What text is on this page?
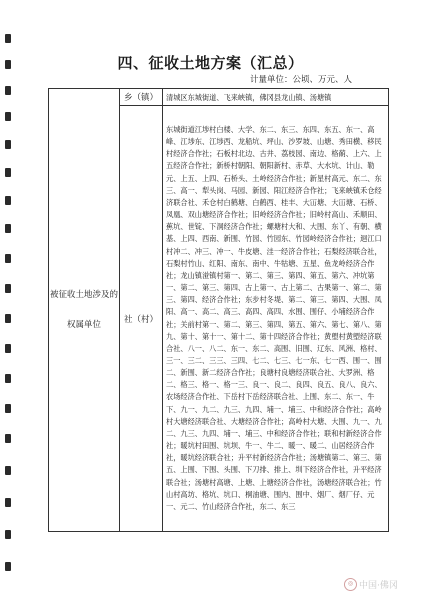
四、征收土地方案（汇总）
计量单位：公顷、万元、人
被征收土地涉及的权属单位	乡（镇）	清城区东城街道、飞来峡镇，佛冈县龙山镇、汤塘镇
	社（村）	东城街道江埗村白楼、大学、东二、东三、东四、东五、东一、高峰、江埗东、江埗西、龙船坑、坪山、沙罗坡、山塘、秀田横、移民村经济合作社；石板村北边、古井、荔枝园、南边、格蓢、上六、上五经济合作社；新桥村朝阳、朝阳新村、赤草、大水坑、计山、勒元、上五、上四、石桥头、土岭经济合作社；新星村高元、东二、东三、高一、犁头岗、马园、新园、阳江经济合作社；飞来峡镇禾仓经济联合社、禾仓村白鹤塘、白鹤西、桂丰、大冚塘、大冚塘、石桥、凤凰、双山塘经济合作社；旧岭经济合作社；旧岭村高山、禾顺田、蕉坑、世锭、下洞经济合作社；螺塘村大和、大围、东丫、有朝、横基、上四、西南、新围、竹园、竹园东、竹园岭经济合作社；迴江口村冲二、冲三、冲一、牛皮塘、洼一经济合作社；石梨经济联合社，石梨村竹山、红阳、南东、南中、牛牯塘、五星、鱼龙岭经济合作社；龙山镇湴镇村第一、第二、第三、第四、第五、第六、冲坑第一、第二、第三、第四、古上第一、古上第二、古果第一、第二、第三、第四、经济合作社；东步村冬堤、第二、第三、第四、大围、凤阳、高一、高二、高三、高四、高四、水围、围仔、小埔经济合作社；关前村第一、第二、第三、第四、第五、第六、第七、第八、第九、第十、第十一、第十二、第十四经济合作社；黄塱村黄塱经济联合社、八一、八二、东一、东二、高围、旧围、辽东、风洲、格村、三一、三二、三三、三四、七二、七三、七一东、七一西、围一、围二、新围、新二经济合作社；良塘村良塘经济联合社、大罗洲、格二、格三、格一、格一三、良一、良二、良四、良五、良八、良六、农场经济合作社、下岳村下岳经济联合社、上围、东二、东一、牛下、九一、九二、九三、九四、埔一、埔三、中和经济合作社；高岭村大塘经济联合社、大塘经济合作社；高岭村大塘、大围、九一、九二、九三、九四、埔一、埔三、中和经济合作社；联和村新经济合作社；暖坑村田围、坑坝、牛一、牛二、暖一、暖二、山居经济合作社，暖坑经济联合社；升平村新经济合作社；汤塘镇第二、第三、第五、上围、下围、头围、下刀排、排上、圳下经济合作社，升平经济联合社；汤塘村高塘、上塘、上塘经济合作社，汤塘经济联合社；竹山村高坊、格坑、坑口、桐油塘、围内、围中、烟厂、烟厂仔、元一、元二、竹山经济合作社，东二、东三
◎ 中国·佛冈
